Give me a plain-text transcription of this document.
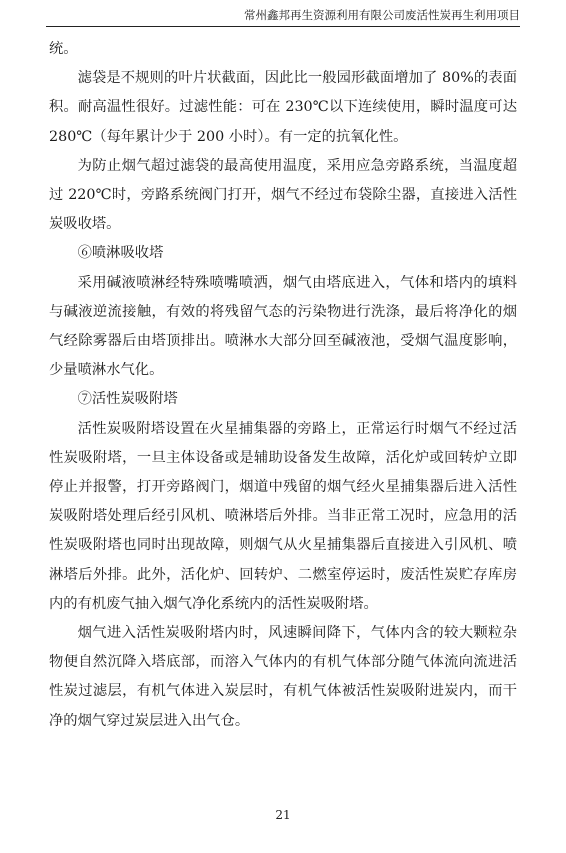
常州鑫邦再生资源利用有限公司废活性炭再生利用项目

统。

滤袋是不规则的叶片状截面，因此比一般园形截面增加了 80%的表面积。耐高温性很好。过滤性能：可在 230℃以下连续使用，瞬时温度可达 280℃（每年累计少于 200 小时）。有一定的抗氧化性。

为防止烟气超过滤袋的最高使用温度，采用应急旁路系统，当温度超过 220℃时，旁路系统阀门打开，烟气不经过布袋除尘器，直接进入活性炭吸收塔。

⑥喷淋吸收塔

采用碱液喷淋经特殊喷嘴喷洒，烟气由塔底进入，气体和塔内的填料与碱液逆流接触，有效的将残留气态的污染物进行洗涤，最后将净化的烟气经除雾器后由塔顶排出。喷淋水大部分回至碱液池，受烟气温度影响，少量喷淋水气化。

⑦活性炭吸附塔

活性炭吸附塔设置在火星捕集器的旁路上，正常运行时烟气不经过活性炭吸附塔，一旦主体设备或是辅助设备发生故障，活化炉或回转炉立即停止并报警，打开旁路阀门，烟道中残留的烟气经火星捕集器后进入活性炭吸附塔处理后经引风机、喷淋塔后外排。当非正常工况时，应急用的活性炭吸附塔也同时出现故障，则烟气从火星捕集器后直接进入引风机、喷淋塔后外排。此外，活化炉、回转炉、二燃室停运时，废活性炭贮存库房内的有机废气抽入烟气净化系统内的活性炭吸附塔。

烟气进入活性炭吸附塔内时，风速瞬间降下，气体内含的较大颗粒杂物便自然沉降入塔底部，而溶入气体内的有机气体部分随气体流向流进活性炭过滤层，有机气体进入炭层时，有机气体被活性炭吸附进炭内，而干净的烟气穿过炭层进入出气仓。

21
